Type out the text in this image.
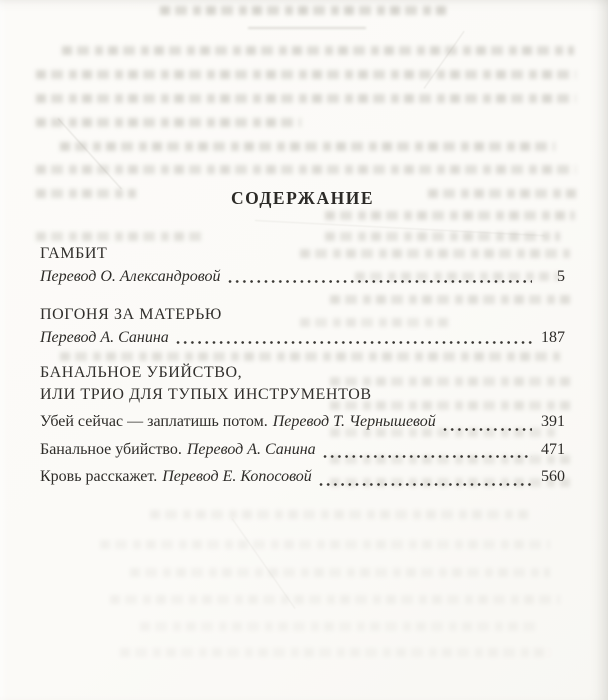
СОДЕРЖАНИЕ
ГАМБИТ
Перевод О. Александровой	5
ПОГОНЯ ЗА МАТЕРЬЮ
Перевод А. Санина	187
БАНАЛЬНОЕ УБИЙСТВО,
ИЛИ ТРИО ДЛЯ ТУПЫХ ИНСТРУМЕНТОВ
Убей сейчас — заплатишь потом. Перевод Т. Чернышевой	391
Банальное убийство. Перевод А. Санина	471
Кровь расскажет. Перевод Е. Копосовой	560
